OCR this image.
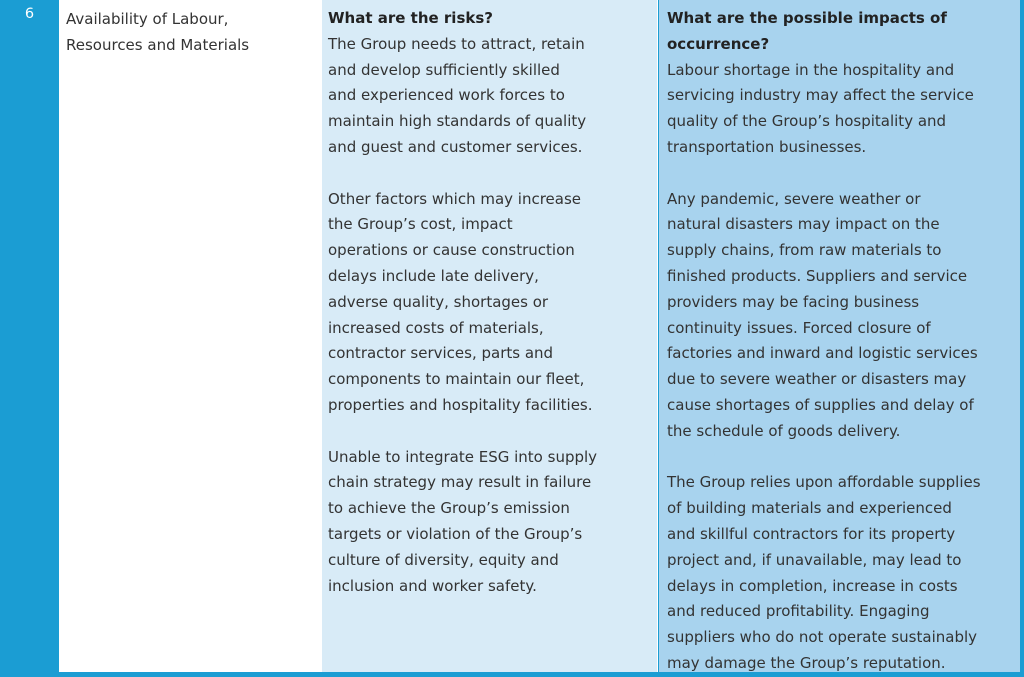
6	Availability of Labour,
Resources and Materials
What are the risks?

The Group needs to attract, retain
and develop sufficiently skilled
and experienced work forces to
maintain high standards of quality
and guest and customer services.

Other factors which may increase
the Group’s cost, impact
operations or cause construction
delays include late delivery,
adverse quality, shortages or
increased costs of materials,
contractor services, parts and
components to maintain our fleet,
properties and hospitality facilities.

Unable to integrate ESG into supply
chain strategy may result in failure
to achieve the Group’s emission
targets or violation of the Group’s
culture of diversity, equity and
inclusion and worker safety.

What are the possible impacts of
occurrence?

Labour shortage in the hospitality and
servicing industry may affect the service
quality of the Group’s hospitality and
transportation businesses.

Any pandemic, severe weather or
natural disasters may impact on the
supply chains, from raw materials to
finished products. Suppliers and service
providers may be facing business
continuity issues. Forced closure of
factories and inward and logistic services
due to severe weather or disasters may
cause shortages of supplies and delay of
the schedule of goods delivery.

The Group relies upon affordable supplies
of building materials and experienced
and skillful contractors for its property
project and, if unavailable, may lead to
delays in completion, increase in costs
and reduced profitability. Engaging
suppliers who do not operate sustainably
may damage the Group’s reputation.
